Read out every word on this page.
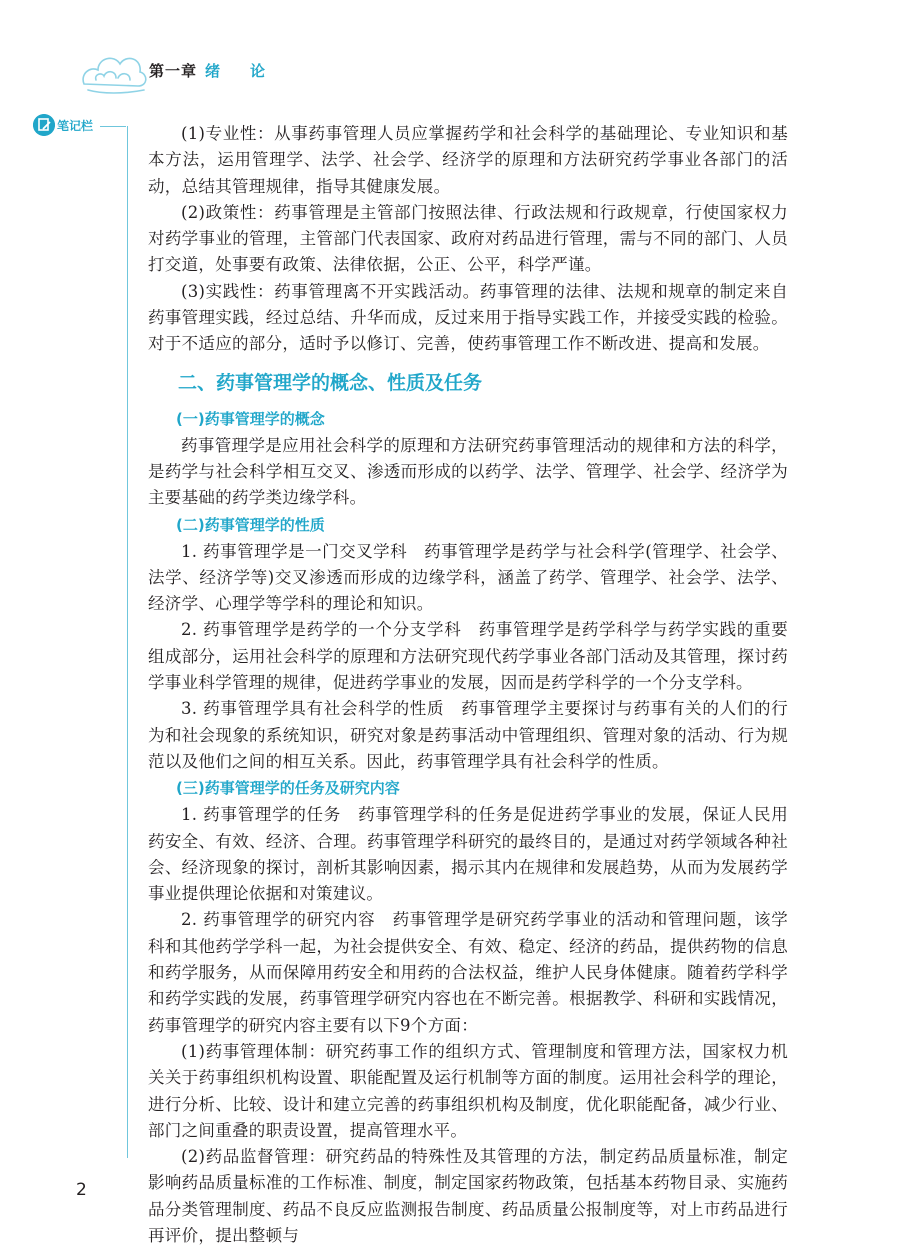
第一章 绪论
笔记栏	(1)专业性：从事药事管理人员应掌握药学和社会科学的基础理论、专业知识和基本方法，运用管理学、法学、社会学、经济学的原理和方法研究药学事业各部门的活动，总结其管理规律，指导其健康发展。

(2)政策性：药事管理是主管部门按照法律、行政法规和行政规章，行使国家权力对药学事业的管理，主管部门代表国家、政府对药品进行管理，需与不同的部门、人员打交道，处事要有政策、法律依据，公正、公平，科学严谨。

(3)实践性：药事管理离不开实践活动。药事管理的法律、法规和规章的制定来自药事管理实践，经过总结、升华而成，反过来用于指导实践工作，并接受实践的检验。对于不适应的部分，适时予以修订、完善，使药事管理工作不断改进、提高和发展。

二、药事管理学的概念、性质及任务
(一)药事管理学的概念

药事管理学是应用社会科学的原理和方法研究药事管理活动的规律和方法的科学，是药学与社会科学相互交叉、渗透而形成的以药学、法学、管理学、社会学、经济学为主要基础的药学类边缘学科。

(二)药事管理学的性质

1. 药事管理学是一门交叉学科　药事管理学是药学与社会科学(管理学、社会学、法学、经济学等)交叉渗透而形成的边缘学科，涵盖了药学、管理学、社会学、法学、经济学、心理学等学科的理论和知识。

2. 药事管理学是药学的一个分支学科　药事管理学是药学科学与药学实践的重要组成部分，运用社会科学的原理和方法研究现代药学事业各部门活动及其管理，探讨药学事业科学管理的规律，促进药学事业的发展，因而是药学科学的一个分支学科。

3. 药事管理学具有社会科学的性质　药事管理学主要探讨与药事有关的人们的行为和社会现象的系统知识，研究对象是药事活动中管理组织、管理对象的活动、行为规范以及他们之间的相互关系。因此，药事管理学具有社会科学的性质。

(三)药事管理学的任务及研究内容

1. 药事管理学的任务　药事管理学科的任务是促进药学事业的发展，保证人民用药安全、有效、经济、合理。药事管理学科研究的最终目的，是通过对药学领域各种社会、经济现象的探讨，剖析其影响因素，揭示其内在规律和发展趋势，从而为发展药学事业提供理论依据和对策建议。

2. 药事管理学的研究内容　药事管理学是研究药学事业的活动和管理问题，该学科和其他药学学科一起，为社会提供安全、有效、稳定、经济的药品，提供药物的信息和药学服务，从而保障用药安全和用药的合法权益，维护人民身体健康。随着药学科学和药学实践的发展，药事管理学研究内容也在不断完善。根据教学、科研和实践情况，药事管理学的研究内容主要有以下9个方面：

(1)药事管理体制：研究药事工作的组织方式、管理制度和管理方法，国家权力机关关于药事组织机构设置、职能配置及运行机制等方面的制度。运用社会科学的理论，进行分析、比较、设计和建立完善的药事组织机构及制度，优化职能配备，减少行业、部门之间重叠的职责设置，提高管理水平。

(2)药品监督管理：研究药品的特殊性及其管理的方法，制定药品质量标准，制定影响药品质量标准的工作标准、制度，制定国家药物政策，包括基本药物目录、实施药品分类管理制度、药品不良反应监测报告制度、药品质量公报制度等，对上市药品进行再评价，提出整顿与

2
